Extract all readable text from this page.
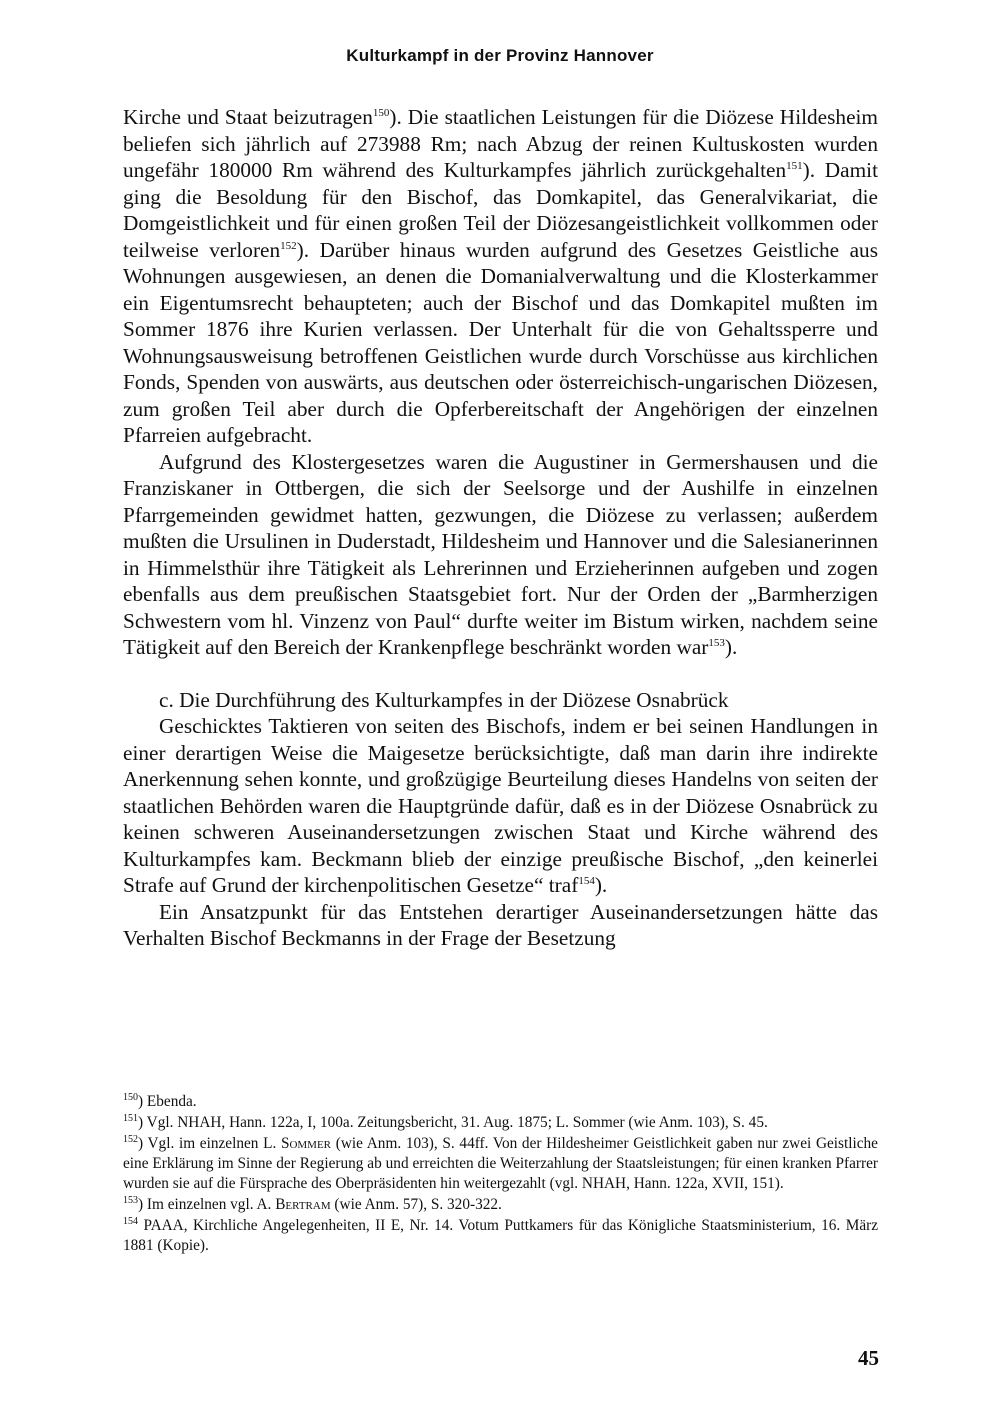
Kulturkampf in der Provinz Hannover

Kirche und Staat beizutragen$^{150}$). Die staatlichen Leistungen für die Diözese Hildesheim beliefen sich jährlich auf 273988 Rm; nach Abzug der reinen Kultuskosten wurden ungefähr 180000 Rm während des Kulturkampfes jährlich zurückgehalten$^{151}$). Damit ging die Besoldung für den Bischof, das Domkapitel, das Generalvikariat, die Domgeistlichkeit und für einen großen Teil der Diözesangeistlichkeit vollkommen oder teilweise verloren$^{152}$). Darüber hinaus wurden aufgrund des Gesetzes Geistliche aus Wohnungen ausgewiesen, an denen die Domanialverwaltung und die Klosterkammer ein Eigentumsrecht behaupteten; auch der Bischof und das Domkapitel mußten im Sommer 1876 ihre Kurien verlassen. Der Unterhalt für die von Gehaltssperre und Wohnungsausweisung betroffenen Geistlichen wurde durch Vorschüsse aus kirchlichen Fonds, Spenden von auswärts, aus deutschen oder österreichisch-ungarischen Diözesen, zum großen Teil aber durch die Opferbereitschaft der Angehörigen der einzelnen Pfarreien aufgebracht.

Aufgrund des Klostergesetzes waren die Augustiner in Germershausen und die Franziskaner in Ottbergen, die sich der Seelsorge und der Aushilfe in einzelnen Pfarrgemeinden gewidmet hatten, gezwungen, die Diözese zu verlassen; außerdem mußten die Ursulinen in Duderstadt, Hildesheim und Hannover und die Salesianerinnen in Himmelsthür ihre Tätigkeit als Lehrerinnen und Erzieherinnen aufgeben und zogen ebenfalls aus dem preußischen Staatsgebiet fort. Nur der Orden der „Barmherzigen Schwestern vom hl. Vinzenz von Paul“ durfte weiter im Bistum wirken, nachdem seine Tätigkeit auf den Bereich der Krankenpflege beschränkt worden war$^{153}$).

c. Die Durchführung des Kulturkampfes in der Diözese Osnabrück

Geschicktes Taktieren von seiten des Bischofs, indem er bei seinen Handlungen in einer derartigen Weise die Maigesetze berücksichtigte, daß man darin ihre indirekte Anerkennung sehen konnte, und großzügige Beurteilung dieses Handelns von seiten der staatlichen Behörden waren die Hauptgründe dafür, daß es in der Diözese Osnabrück zu keinen schweren Auseinandersetzungen zwischen Staat und Kirche während des Kulturkampfes kam. Beckmann blieb der einzige preußische Bischof, „den keinerlei Strafe auf Grund der kirchenpolitischen Gesetze“ traf$^{154}$).

Ein Ansatzpunkt für das Entstehen derartiger Auseinandersetzungen hätte das Verhalten Bischof Beckmanns in der Frage der Besetzung

$^{150}$) Ebenda.

$^{151}$) Vgl. NHAH, Hann. 122a, I, 100a. Zeitungsbericht, 31. Aug. 1875; L. Sommer (wie Anm. 103), S. 45.

$^{152}$) Vgl. im einzelnen L. Sommer (wie Anm. 103), S. 44ff. Von der Hildesheimer Geistlichkeit gaben nur zwei Geistliche eine Erklärung im Sinne der Regierung ab und erreichten die Weiterzahlung der Staatsleistungen; für einen kranken Pfarrer wurden sie auf die Fürsprache des Oberpräsidenten hin weitergezahlt (vgl. NHAH, Hann. 122a, XVII, 151).

$^{153}$) Im einzelnen vgl. A. Bertram (wie Anm. 57), S. 320-322.

$^{154}$ PAAA, Kirchliche Angelegenheiten, II E, Nr. 14. Votum Puttkamers für das Königliche Staatsministerium, 16. März 1881 (Kopie).

45
